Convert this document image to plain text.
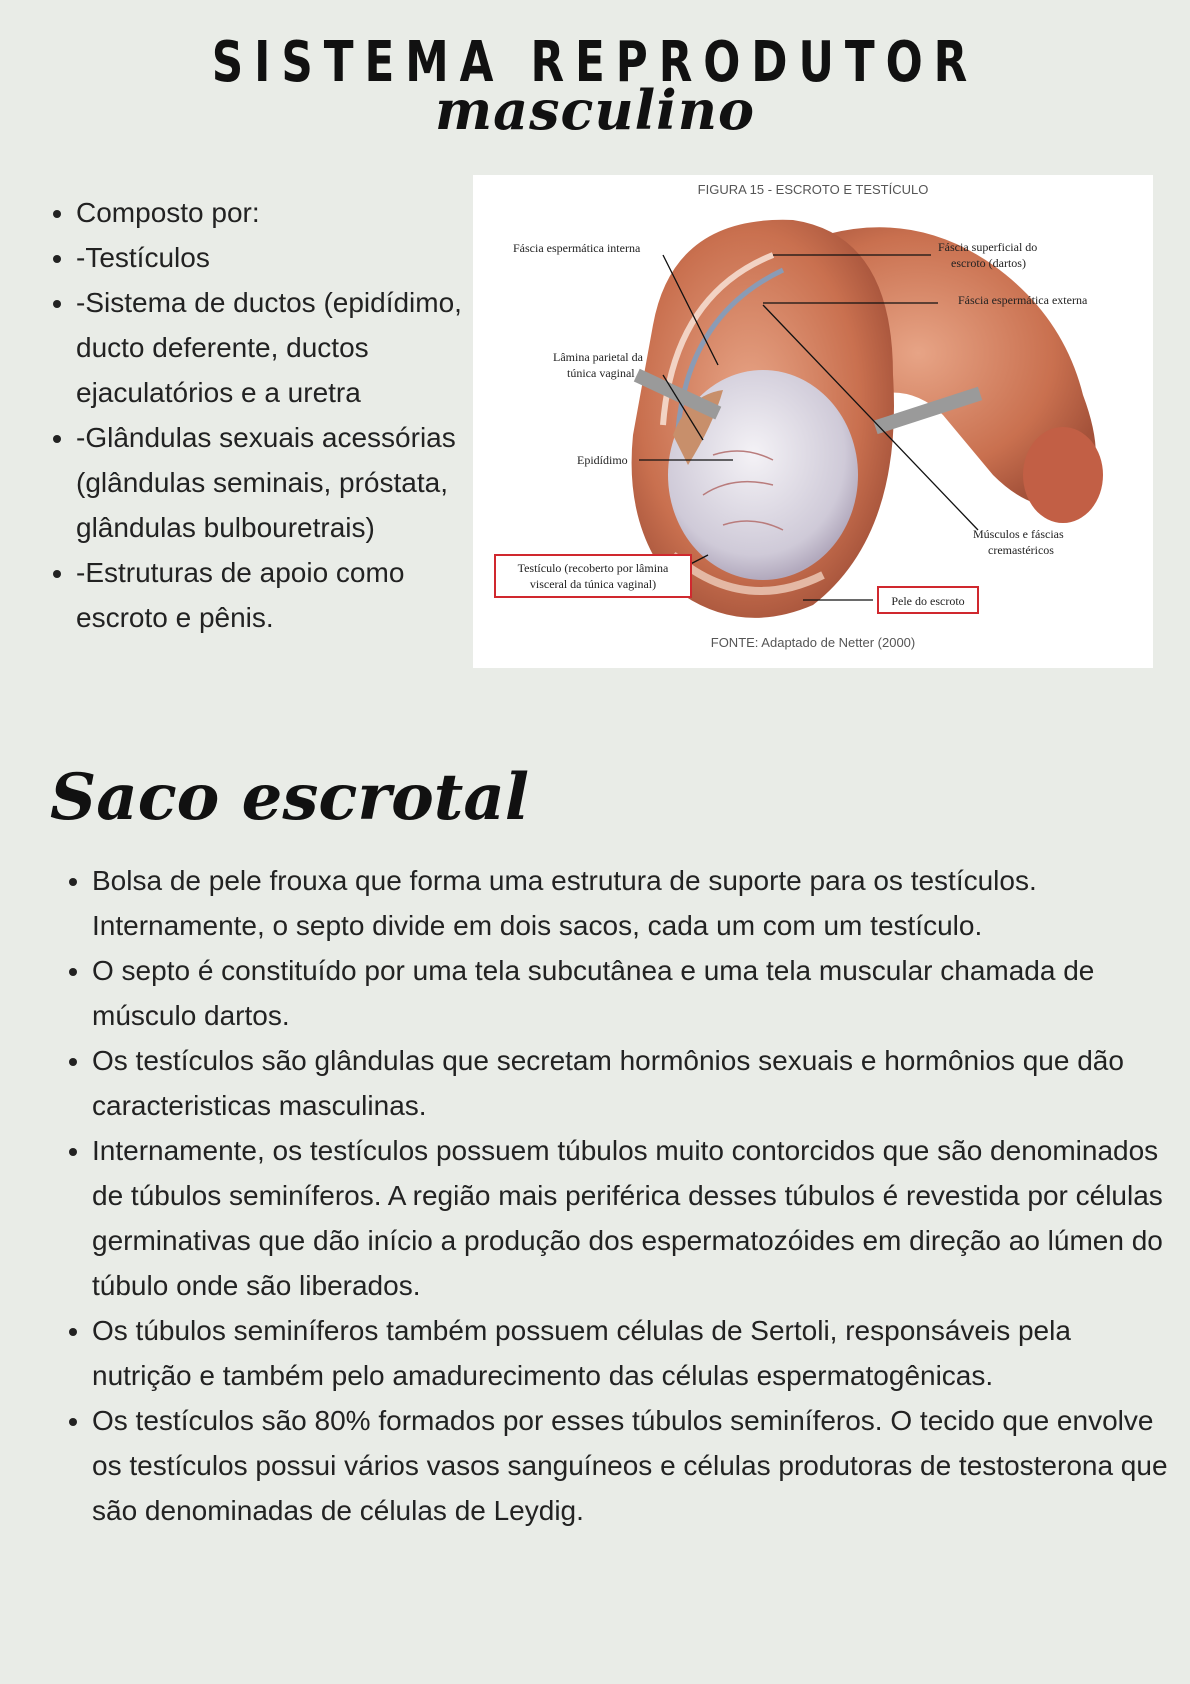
SISTEMA REPRODUTOR
masculino
• Composto por:
• -Testículos
• -Sistema de ductos (epidídimo, ducto deferente, ductos ejaculatórios e a uretra
• -Glândulas sexuais acessórias (glândulas seminais, próstata, glândulas bulbouretrais)
• -Estruturas de apoio como escroto e pênis.
FIGURA 15 - ESCROTO E TESTÍCULO
Fáscia espermática interna	Fáscia superficial do
escroto (dartos)
Fáscia espermática externa
Lâmina parietal da
túnica vaginal
Epidídimo
Músculos e fáscias
cremastéricos
Testículo (recoberto por lâmina
visceral da túnica vaginal)
Pele do escroto
FONTE: Adaptado de Netter (2000)
Saco escrotal
• Bolsa de pele frouxa que forma uma estrutura de suporte para os testículos. Internamente, o septo divide em dois sacos, cada um com um testículo.
• O septo é constituído por uma tela subcutânea e uma tela muscular chamada de músculo dartos.
• Os testículos são glândulas que secretam hormônios sexuais e hormônios que dão caracteristicas masculinas.
• Internamente, os testículos possuem túbulos muito contorcidos que são denominados de túbulos seminíferos. A região mais periférica desses túbulos é revestida por células germinativas que dão início a produção dos espermatozóides em direção ao lúmen do túbulo onde são liberados.
• Os túbulos seminíferos também possuem células de Sertoli, responsáveis pela nutrição e também pelo amadurecimento das células espermatogênicas.
• Os testículos são 80% formados por esses túbulos seminíferos. O tecido que envolve os testículos possui vários vasos sanguíneos e células produtoras de testosterona que são denominadas de células de Leydig.
